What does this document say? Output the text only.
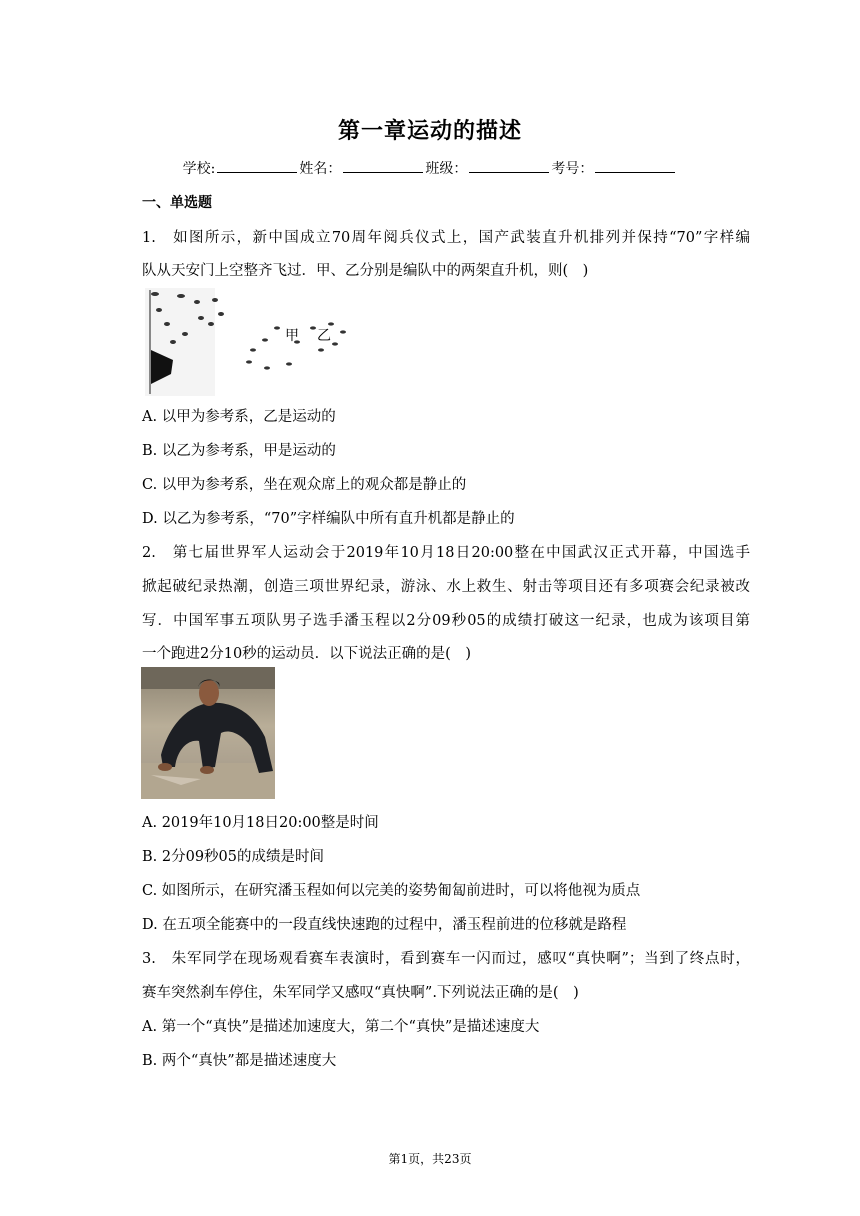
第一章运动的描述
学校:	姓名：	班级：	考号：
一、单选题
1.　如图所示，新中国成立70周年阅兵仪式上，国产武装直升机排列并保持“70”字样编
队从天安门上空整齐飞过．甲、乙分别是编队中的两架直升机，则(　)
甲 乙
A. 以甲为参考系，乙是运动的
B. 以乙为参考系，甲是运动的
C. 以甲为参考系，坐在观众席上的观众都是静止的
D. 以乙为参考系，“70”字样编队中所有直升机都是静止的
2.　第七届世界军人运动会于2019年10月18日20:00整在中国武汉正式开幕，中国选手
掀起破纪录热潮，创造三项世界纪录，游泳、水上救生、射击等项目还有多项赛会纪录被改
写．中国军事五项队男子选手潘玉程以2分09秒05的成绩打破这一纪录，也成为该项目第
一个跑进2分10秒的运动员．以下说法正确的是(　)
A. 2019年10月18日20:00整是时间
B. 2分09秒05的成绩是时间
C. 如图所示，在研究潘玉程如何以完美的姿势匍匐前进时，可以将他视为质点
D. 在五项全能赛中的一段直线快速跑的过程中，潘玉程前进的位移就是路程
3.　朱军同学在现场观看赛车表演时，看到赛车一闪而过，感叹“真快啊”；当到了终点时，
赛车突然刹车停住，朱军同学又感叹“真快啊”.下列说法正确的是(　)
A. 第一个“真快”是描述加速度大，第二个“真快”是描述速度大
B. 两个“真快”都是描述速度大
第1页，共23页
